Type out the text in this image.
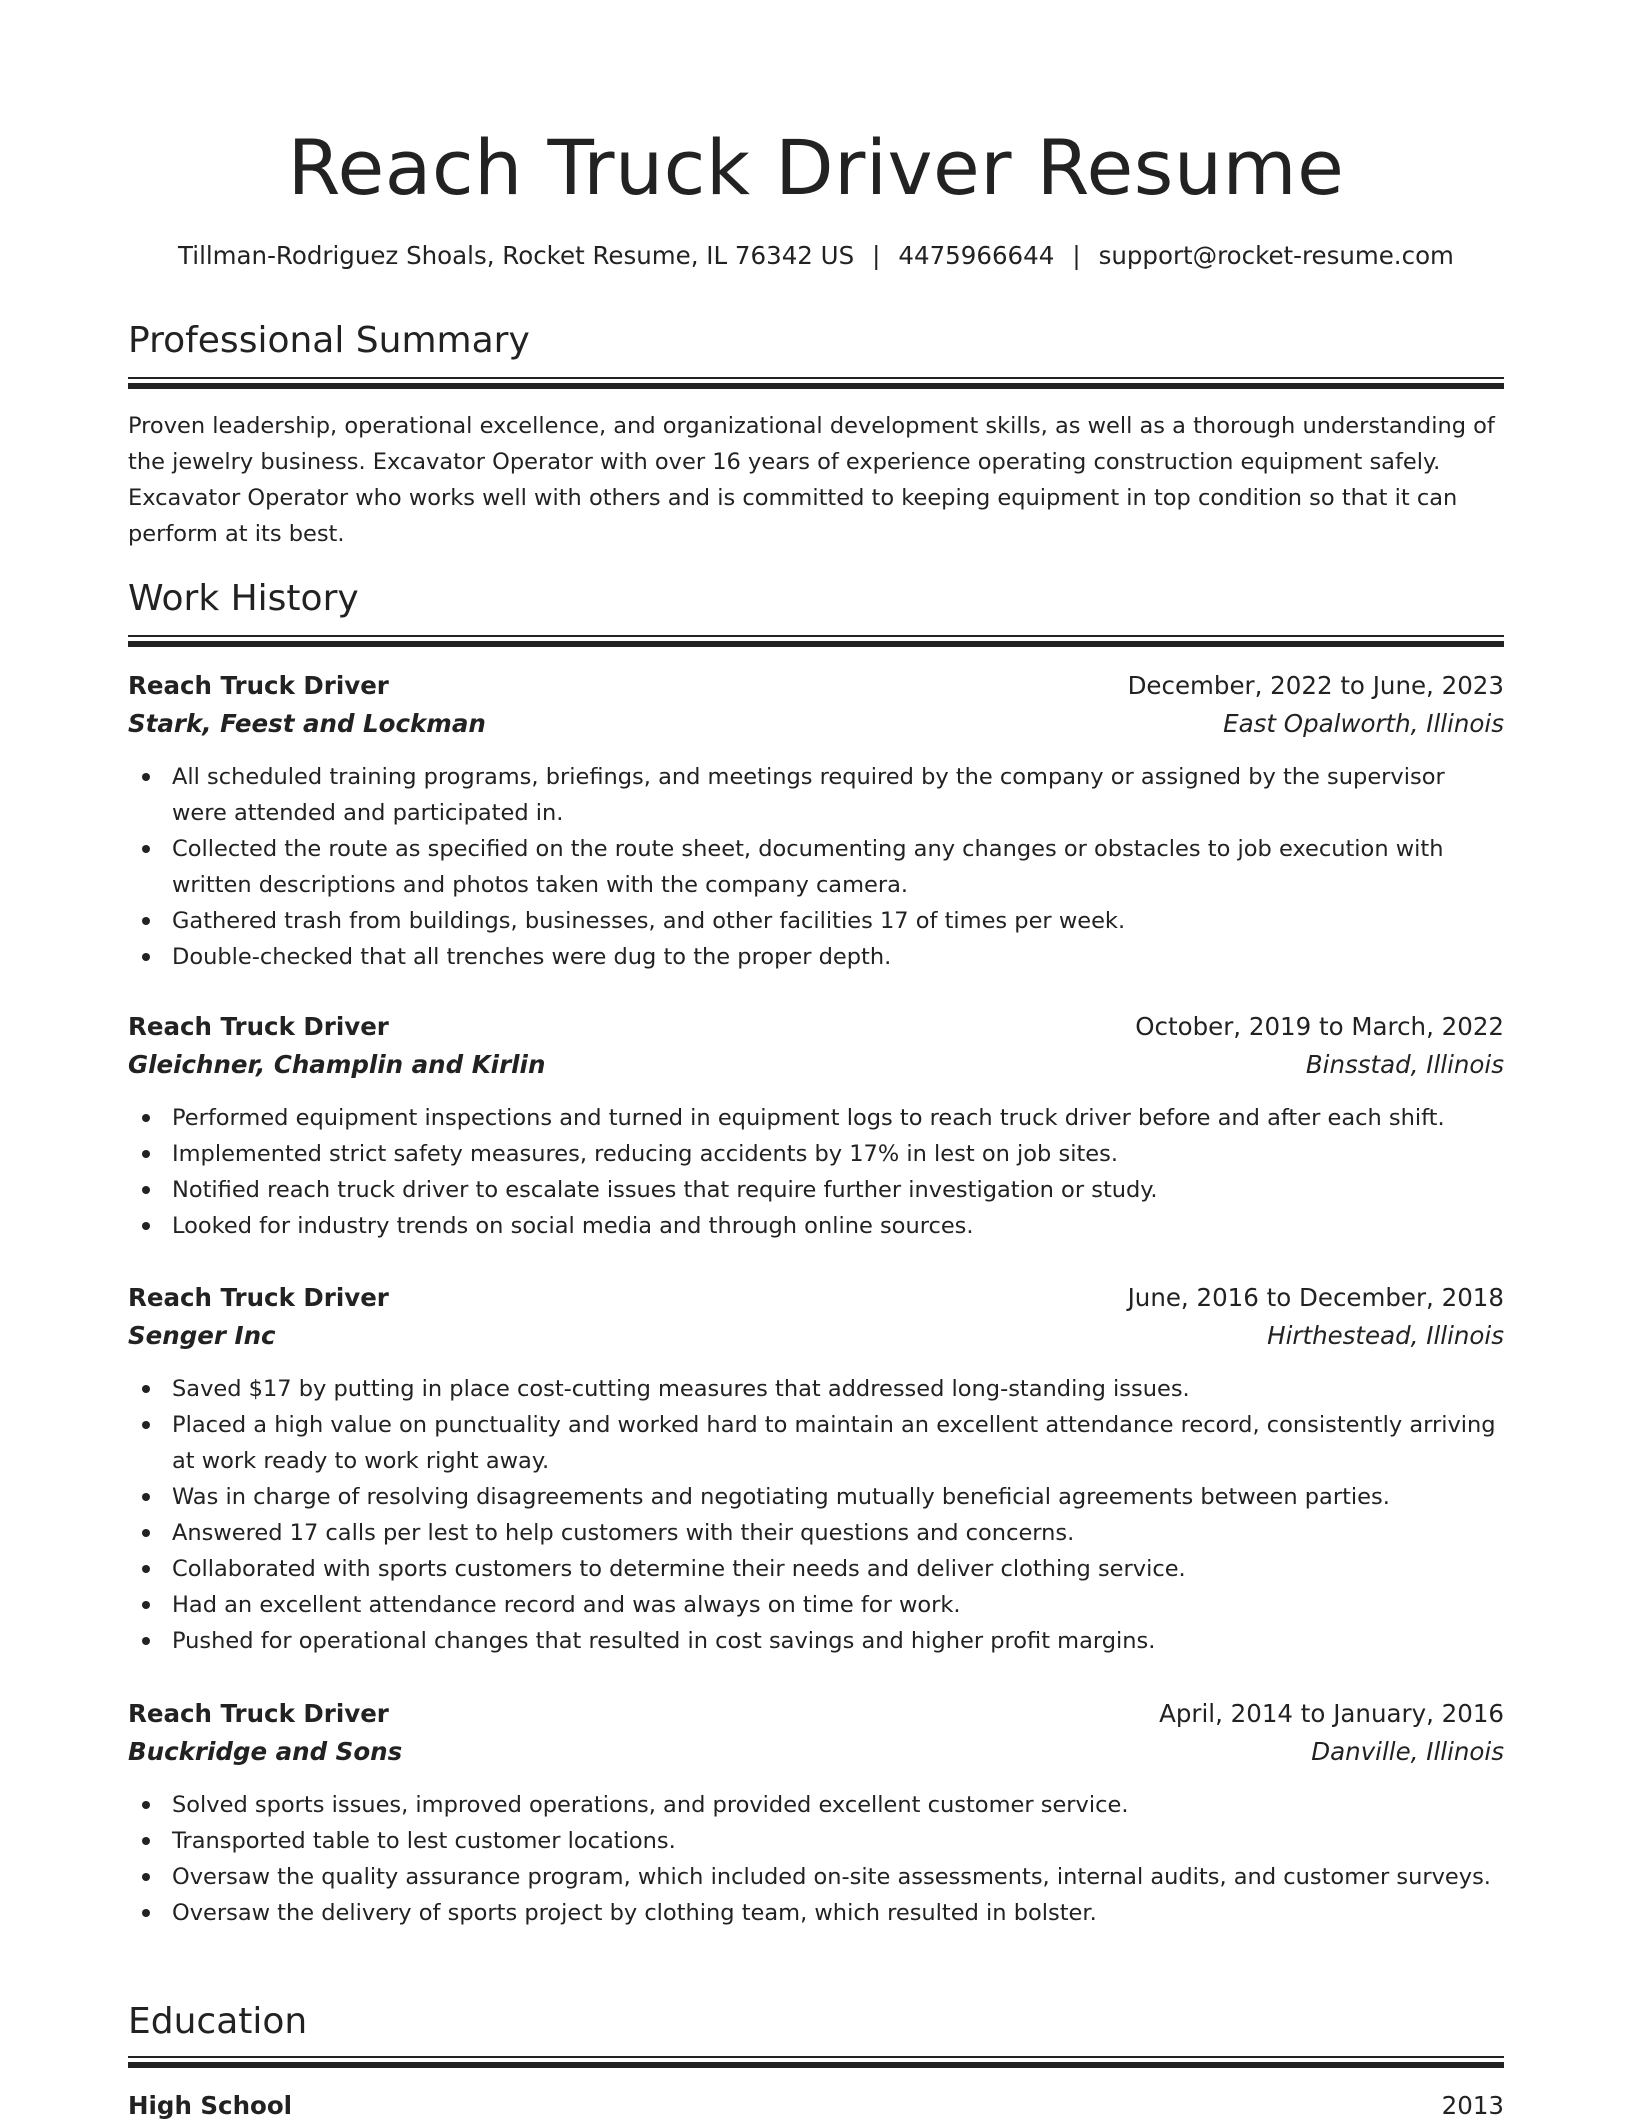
Reach Truck Driver Resume
Tillman-Rodriguez Shoals, Rocket Resume, IL 76342 US | 4475966644 | support@rocket-resume.com
Professional Summary

Proven leadership, operational excellence, and organizational development skills, as well as a thorough understanding of the jewelry business. Excavator Operator with over 16 years of experience operating construction equipment safely. Excavator Operator who works well with others and is committed to keeping equipment in top condition so that it can perform at its best.

Work History
Reach Truck Driver	December, 2022 to June, 2023
Stark, Feest and Lockman	East Opalworth, Illinois
All scheduled training programs, briefings, and meetings required by the company or assigned by the supervisor were attended and participated in.
Collected the route as specified on the route sheet, documenting any changes or obstacles to job execution with written descriptions and photos taken with the company camera.
Gathered trash from buildings, businesses, and other facilities 17 of times per week.
Double-checked that all trenches were dug to the proper depth.
Reach Truck Driver	October, 2019 to March, 2022
Gleichner, Champlin and Kirlin	Binsstad, Illinois
Performed equipment inspections and turned in equipment logs to reach truck driver before and after each shift.
Implemented strict safety measures, reducing accidents by 17% in lest on job sites.
Notified reach truck driver to escalate issues that require further investigation or study.
Looked for industry trends on social media and through online sources.
Reach Truck Driver	June, 2016 to December, 2018
Senger Inc	Hirthestead, Illinois
Saved $17 by putting in place cost-cutting measures that addressed long-standing issues.
Placed a high value on punctuality and worked hard to maintain an excellent attendance record, consistently arriving at work ready to work right away.
Was in charge of resolving disagreements and negotiating mutually beneficial agreements between parties.
Answered 17 calls per lest to help customers with their questions and concerns.
Collaborated with sports customers to determine their needs and deliver clothing service.
Had an excellent attendance record and was always on time for work.
Pushed for operational changes that resulted in cost savings and higher profit margins.
Reach Truck Driver	April, 2014 to January, 2016
Buckridge and Sons	Danville, Illinois
Solved sports issues, improved operations, and provided excellent customer service.
Transported table to lest customer locations.
Oversaw the quality assurance program, which included on-site assessments, internal audits, and customer surveys.
Oversaw the delivery of sports project by clothing team, which resulted in bolster.
Education
High School	2013
